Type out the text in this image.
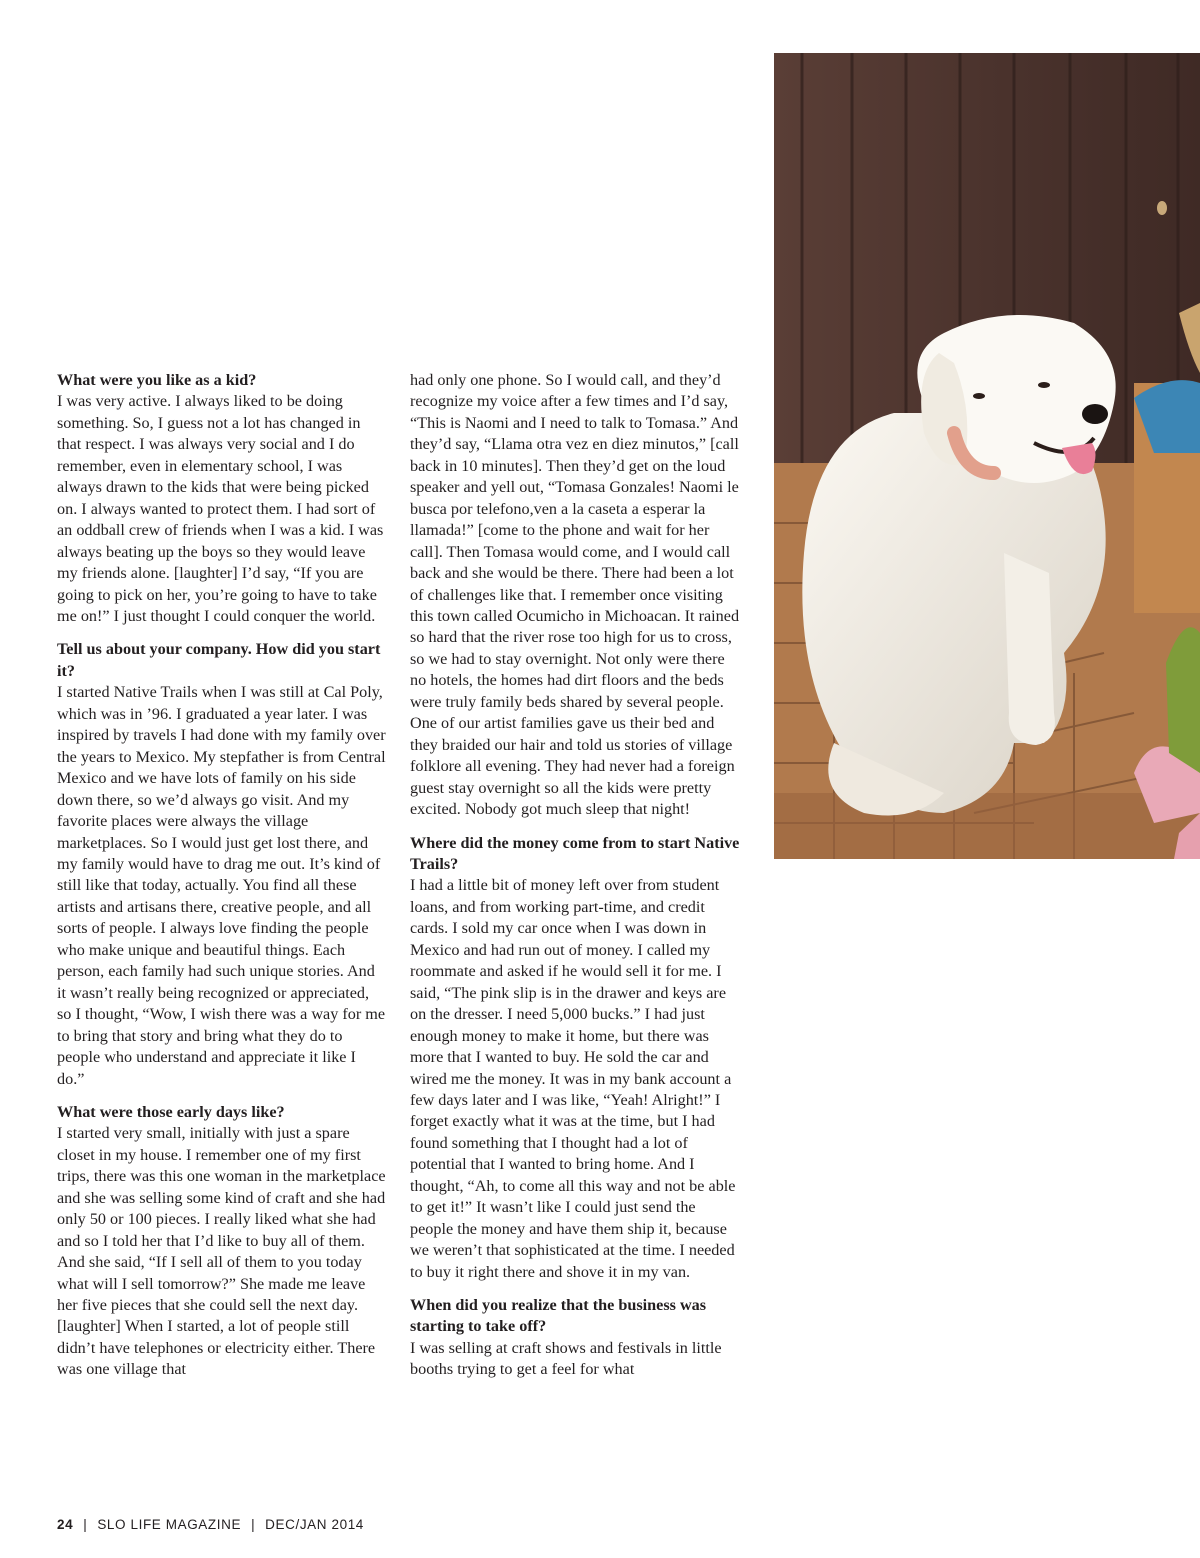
What were you like as a kid?
I was very active. I always liked to be doing something. So, I guess not a lot has changed in that respect. I was always very social and I do remember, even in elementary school, I was always drawn to the kids that were being picked on. I always wanted to protect them. I had sort of an oddball crew of friends when I was a kid. I was always beating up the boys so they would leave my friends alone. [laughter] I’d say, “If you are going to pick on her, you’re going to have to take me on!” I just thought I could conquer the world.

Tell us about your company. How did you start it?
I started Native Trails when I was still at Cal Poly, which was in ’96. I graduated a year later. I was inspired by travels I had done with my family over the years to Mexico. My stepfather is from Central Mexico and we have lots of family on his side down there, so we’d always go visit. And my favorite places were always the village marketplaces. So I would just get lost there, and my family would have to drag me out. It’s kind of still like that today, actually. You find all these artists and artisans there, creative people, and all sorts of people. I always love finding the people who make unique and beautiful things. Each person, each family had such unique stories. And it wasn’t really being recognized or appreciated, so I thought, “Wow, I wish there was a way for me to bring that story and bring what they do to people who understand and appreciate it like I do.”

What were those early days like?
I started very small, initially with just a spare closet in my house. I remember one of my first trips, there was this one woman in the marketplace and she was selling some kind of craft and she had only 50 or 100 pieces. I really liked what she had and so I told her that I’d like to buy all of them. And she said, “If I sell all of them to you today what will I sell tomorrow?” She made me leave her five pieces that she could sell the next day. [laughter] When I started, a lot of people still didn’t have telephones or electricity either. There was one village that

had only one phone. So I would call, and they’d recognize my voice after a few times and I’d say, “This is Naomi and I need to talk to Tomasa.” And they’d say, “Llama otra vez en diez minutos,” [call back in 10 minutes]. Then they’d get on the loud speaker and yell out, “Tomasa Gonzales! Naomi le busca por telefono,ven a la caseta a esperar la llamada!” [come to the phone and wait for her call]. Then Tomasa would come, and I would call back and she would be there. There had been a lot of challenges like that. I remember once visiting this town called Ocumicho in Michoacan. It rained so hard that the river rose too high for us to cross, so we had to stay overnight. Not only were there no hotels, the homes had dirt floors and the beds were truly family beds shared by several people. One of our artist families gave us their bed and they braided our hair and told us stories of village folklore all evening. They had never had a foreign guest stay overnight so all the kids were pretty excited. Nobody got much sleep that night!

Where did the money come from to start Native Trails?
I had a little bit of money left over from student loans, and from working part-time, and credit cards. I sold my car once when I was down in Mexico and had run out of money. I called my roommate and asked if he would sell it for me. I said, “The pink slip is in the drawer and keys are on the dresser. I need 5,000 bucks.” I had just enough money to make it home, but there was more that I wanted to buy. He sold the car and wired me the money. It was in my bank account a few days later and I was like, “Yeah! Alright!” I forget exactly what it was at the time, but I had found something that I thought had a lot of potential that I wanted to bring home. And I thought, “Ah, to come all this way and not be able to get it!” It wasn’t like I could just send the people the money and have them ship it, because we weren’t that sophisticated at the time. I needed to buy it right there and shove it in my van.

When did you realize that the business was starting to take off?
I was selling at craft shows and festivals in little booths trying to get a feel for what

24 | SLO LIFE MAGAZINE | DEC/JAN 2014
